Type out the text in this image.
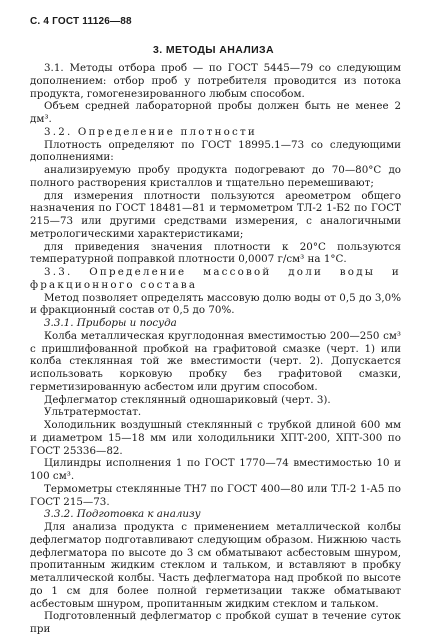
С. 4 ГОСТ 11126—88
3. МЕТОДЫ АНАЛИЗА

3.1. Методы отбора проб — по ГОСТ 5445—79 со следующим дополнением: отбор проб у потребителя проводится из потока продукта, гомогенезированного любым способом.

Объем средней лабораторной пробы должен быть не менее 2 дм³.

3.2. Определение плотности

Плотность определяют по ГОСТ 18995.1—73 со следующими дополнениями:

анализируемую пробу продукта подогревают до 70—80°С до полного растворения кристаллов и тщательно перемешивают;

для измерения плотности пользуются ареометром общего назначения по ГОСТ 18481—81 и термометром ТЛ-2 1-Б2 по ГОСТ 215—73 или другими средствами измерения, с аналогичными метрологическими характеристиками;

для приведения значения плотности к 20°С пользуются температурной поправкой плотности 0,0007 г/см³ на 1°С.

3.3. Определение массовой доли воды и фракционного состава

Метод позволяет определять массовую долю воды от 0,5 до 3,0% и фракционный состав от 0,5 до 70%.

3.3.1. Приборы и посуда

Колба металлическая круглодонная вместимостью 200—250 см³ с пришлифованной пробкой на графитовой смазке (черт. 1) или колба стеклянная той же вместимости (черт. 2). Допускается использовать корковую пробку без графитовой смазки, герметизированную асбестом или другим способом.

Дефлегматор стеклянный одношариковый (черт. 3).

Ультратермостат.

Холодильник воздушный стеклянный с трубкой длиной 600 мм и диаметром 15—18 мм или холодильники ХПТ-200, ХПТ-300 по ГОСТ 25336—82.

Цилиндры исполнения 1 по ГОСТ 1770—74 вместимостью 10 и 100 см³.

Термометры стеклянные ТН7 по ГОСТ 400—80 или ТЛ-2 1-А5 по ГОСТ 215—73.

3.3.2. Подготовка к анализу

Для анализа продукта с применением металлической колбы дефлегматор подготавливают следующим образом. Нижнюю часть дефлегматора по высоте до 3 см обматывают асбестовым шнуром, пропитанным жидким стеклом и тальком, и вставляют в пробку металлической колбы. Часть дефлегматора над пробкой по высоте до 1 см для более полной герметизации также обматывают асбестовым шнуром, пропитанным жидким стеклом и тальком.

Подготовленный дефлегматор с пробкой сушат в течение суток при
